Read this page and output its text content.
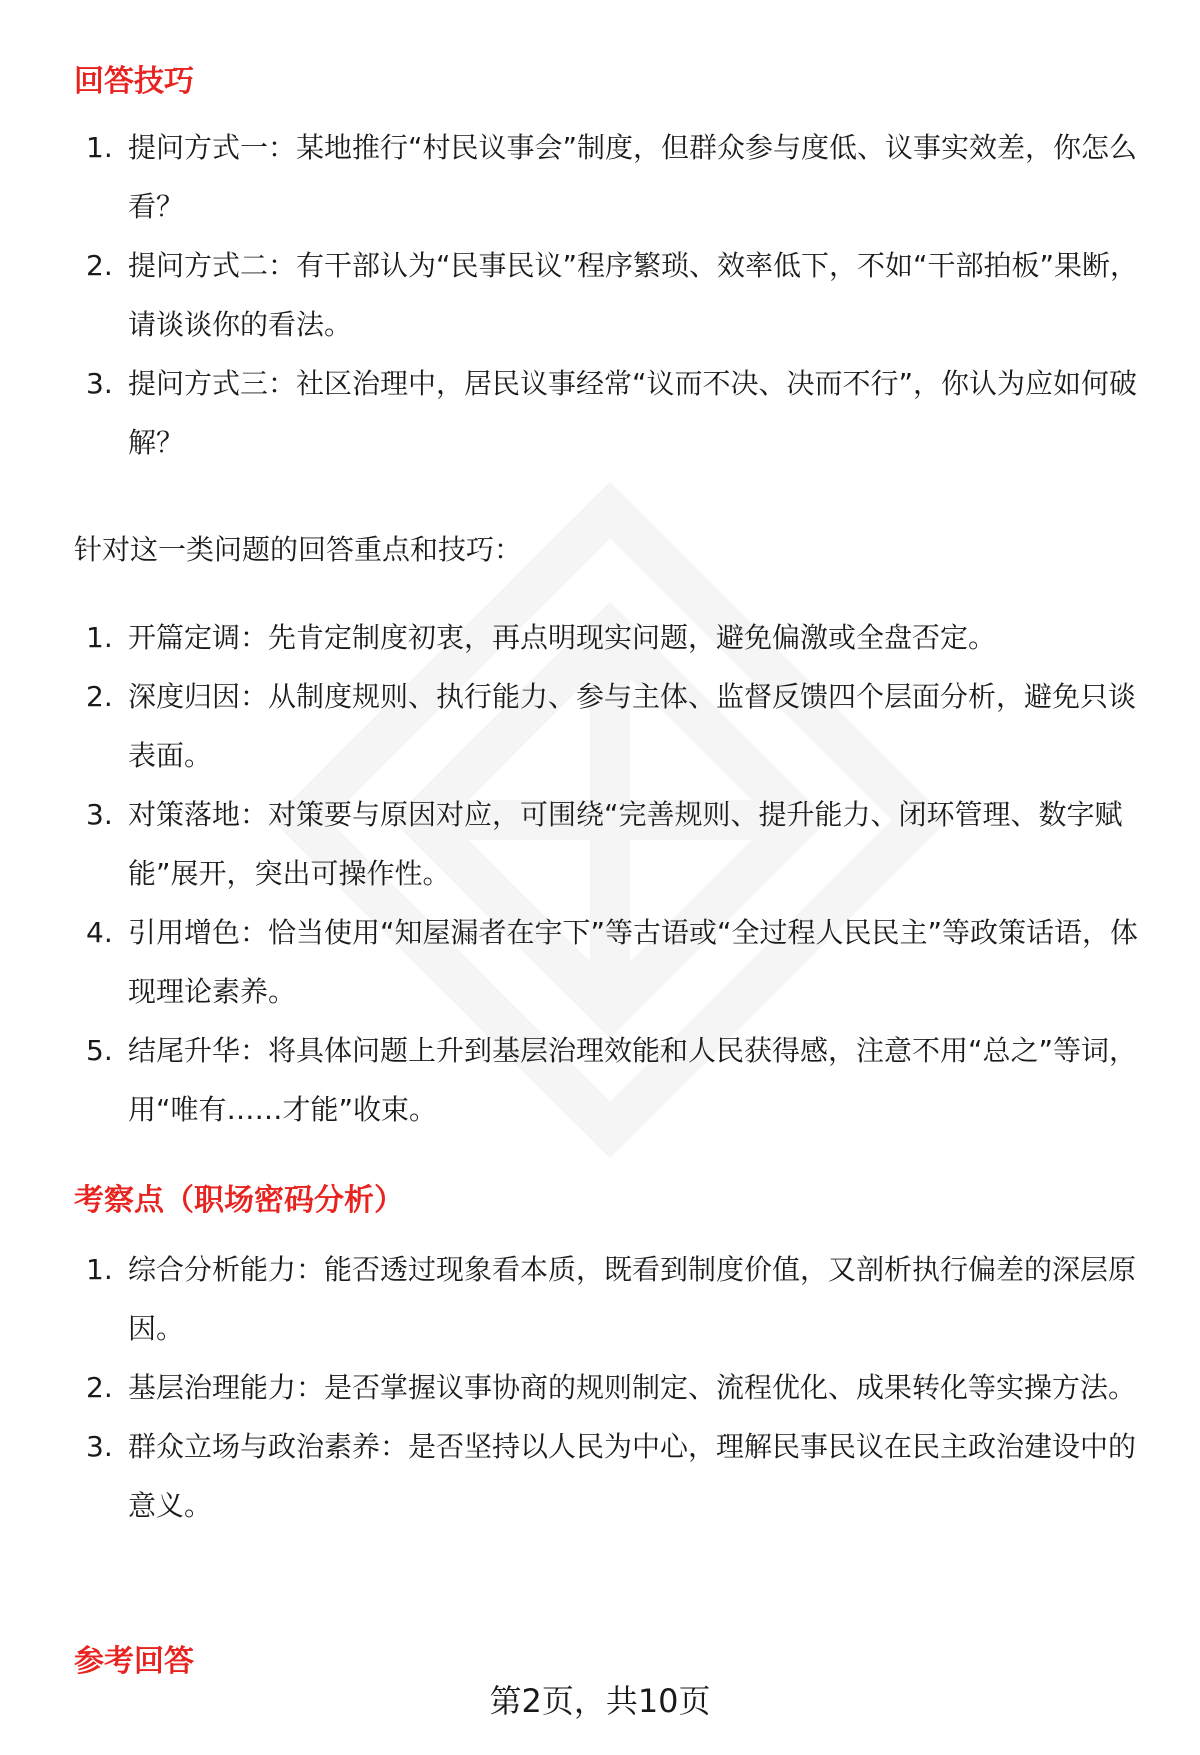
回答技巧
1. 提问方式一：某地推行“村民议事会”制度，但群众参与度低、议事实效差，你怎么看？
2. 提问方式二：有干部认为“民事民议”程序繁琐、效率低下，不如“干部拍板”果断，请谈谈你的看法。
3. 提问方式三：社区治理中，居民议事经常“议而不决、决而不行”，你认为应如何破解？

针对这一类问题的回答重点和技巧：

1. 开篇定调：先肯定制度初衷，再点明现实问题，避免偏激或全盘否定。
2. 深度归因：从制度规则、执行能力、参与主体、监督反馈四个层面分析，避免只谈表面。
3. 对策落地：对策要与原因对应，可围绕“完善规则、提升能力、闭环管理、数字赋能”展开，突出可操作性。
4. 引用增色：恰当使用“知屋漏者在宇下”等古语或“全过程人民民主”等政策话语，体现理论素养。
5. 结尾升华：将具体问题上升到基层治理效能和人民获得感，注意不用“总之”等词，用“唯有……才能”收束。
考察点（职场密码分析）
1. 综合分析能力：能否透过现象看本质，既看到制度价值，又剖析执行偏差的深层原因。
2. 基层治理能力：是否掌握议事协商的规则制定、流程优化、成果转化等实操方法。
3. 群众立场与政治素养：是否坚持以人民为中心，理解民事民议在民主政治建设中的意义。
参考回答
第2页，共10页
